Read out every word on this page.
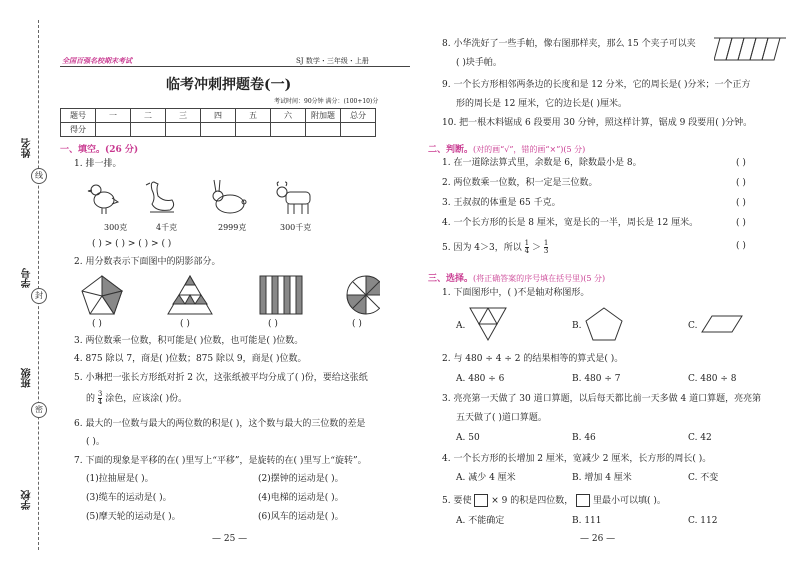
姓名
学号
班级
学校
线
封
密
全国百强名校期末考试	SJ 数学・三年级・上册
临考冲刺押题卷(一)
考试时间：90分钟 满分：(100+10)分
题号	一	二	三	四	五	六	附加题	总分
得分								
一、填空。(26 分)
1. 排一排。
300克	4千克	2999克	300千克
( ) > ( ) > ( ) > ( )
2. 用分数表示下面图中的阴影部分。
( )	( )	( )	( )
3. 两位数乘一位数，积可能是( )位数，也可能是( )位数。
4. 875 除以 7，商是( )位数；875 除以 9，商是( )位数。
5. 小琳把一张长方形纸对折 2 次，这张纸被平均分成了( )份，要给这张纸
的 $\frac{3}{4}$ 涂色，应该涂( )份。
6. 最大的一位数与最大的两位数的积是( )，这个数与最大的三位数的差是
( )。
7. 下面的现象是平移的在( )里写上“平移”，是旋转的在( )里写上“旋转”。
(1)拉抽屉是( )。	(2)摆钟的运动是( )。
(3)缆车的运动是( )。	(4)电梯的运动是( )。
(5)摩天轮的运动是( )。	(6)风车的运动是( )。
— 25 —
8. 小华洗好了一些手帕，像右图那样夹，那么 15 个夹子可以夹
( )块手帕。
9. 一个长方形相邻两条边的长度和是 12 分米，它的周长是( )分米；一个正方
形的周长是 12 厘米，它的边长是( )厘米。
10. 把一根木料锯成 6 段要用 30 分钟，照这样计算，锯成 9 段要用( )分钟。
二、判断。(对的画“√”，错的画“×”)(5 分)
1. 在一道除法算式里，余数是 6，除数最小是 8。	( )
2. 两位数乘一位数，积一定是三位数。	( )
3. 王叔叔的体重是 65 千克。	( )
4. 一个长方形的长是 8 厘米，宽是长的一半，周长是 12 厘米。	( )
5. 因为 4＞3，所以 $\frac{1}{4} > \frac{1}{3}$	( )
三、选择。(将正确答案的序号填在括号里)(5 分)
1. 下面图形中，( )不是轴对称图形。
A.	B.	C.
2. 与 480 ÷ 4 ÷ 2 的结果相等的算式是( )。
A. 480 ÷ 6	B. 480 ÷ 7	C. 480 ÷ 8
3. 亮亮第一天做了 30 道口算题，以后每天都比前一天多做 4 道口算题，亮亮第
五天做了( )道口算题。
A. 50	B. 46	C. 42
4. 一个长方形的长增加 2 厘米，宽减少 2 厘米，长方形的周长( )。
A. 减少 4 厘米	B. 增加 4 厘米	C. 不变
5. 要使 × 9 的积是四位数， 里最小可以填( )。
A. 不能确定	B. 111	C. 112
— 26 —
